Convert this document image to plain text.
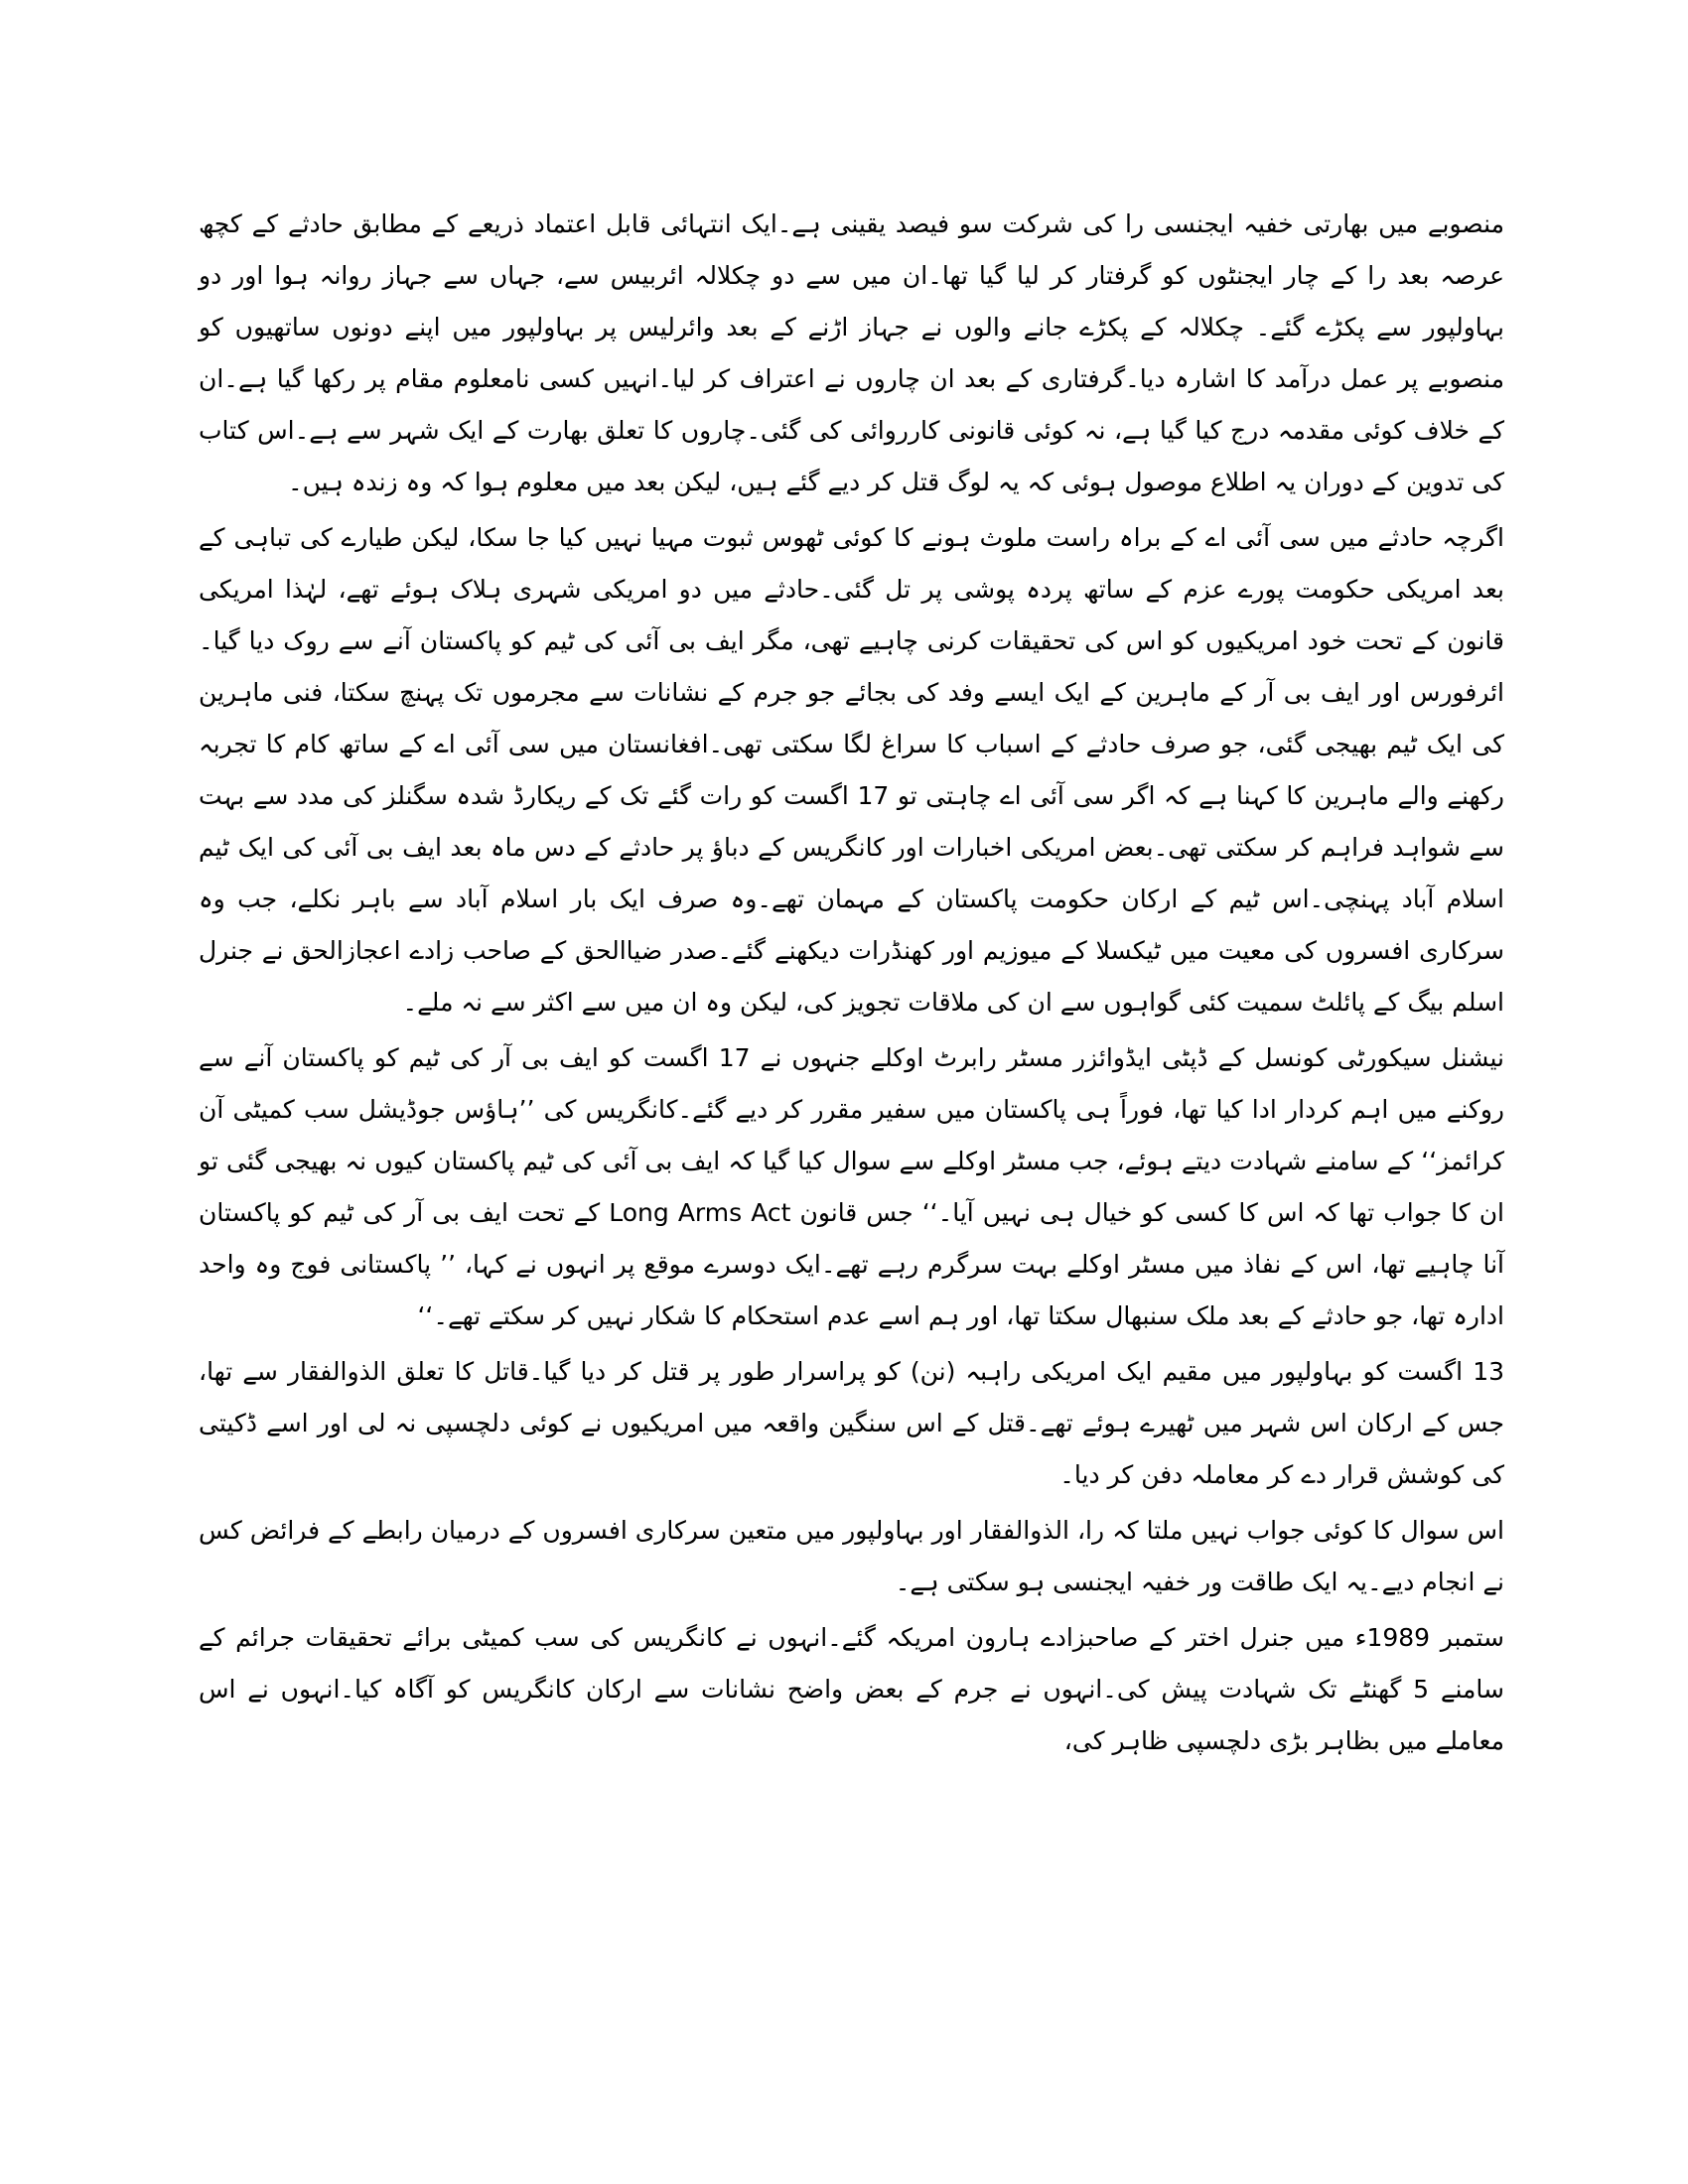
منصوبے میں بھارتی خفیہ ایجنسی را کی شرکت سو فیصد یقینی ہے۔ایک انتہائی قابل اعتماد ذریعے کے مطابق حادثے کے کچھ عرصہ بعد را کے چار ایجنٹوں کو گرفتار کر لیا گیا تھا۔ان میں سے دو چکلالہ ائربیس سے، جہاں سے جہاز روانہ ہوا اور دو بہاولپور سے پکڑے گئے۔ چکلالہ کے پکڑے جانے والوں نے جہاز اڑنے کے بعد وائرلیس پر بہاولپور میں اپنے دونوں ساتھیوں کو منصوبے پر عمل درآمد کا اشارہ دیا۔گرفتاری کے بعد ان چاروں نے اعتراف کر لیا۔انہیں کسی نامعلوم مقام پر رکھا گیا ہے۔ان کے خلاف کوئی مقدمہ درج کیا گیا ہے، نہ کوئی قانونی کارروائی کی گئی۔چاروں کا تعلق بھارت کے ایک شہر سے ہے۔اس کتاب کی تدوین کے دوران یہ اطلاع موصول ہوئی کہ یہ لوگ قتل کر دیے گئے ہیں، لیکن بعد میں معلوم ہوا کہ وہ زندہ ہیں۔

اگرچہ حادثے میں سی آئی اے کے براہ راست ملوث ہونے کا کوئی ٹھوس ثبوت مہیا نہیں کیا جا سکا، لیکن طیارے کی تباہی کے بعد امریکی حکومت پورے عزم کے ساتھ پردہ پوشی پر تل گئی۔حادثے میں دو امریکی شہری ہلاک ہوئے تھے، لہٰذا امریکی قانون کے تحت خود امریکیوں کو اس کی تحقیقات کرنی چاہیے تھی، مگر ایف بی آئی کی ٹیم کو پاکستان آنے سے روک دیا گیا۔ائرفورس اور ایف بی آر کے ماہرین کے ایک ایسے وفد کی بجائے جو جرم کے نشانات سے مجرموں تک پہنچ سکتا، فنی ماہرین کی ایک ٹیم بھیجی گئی، جو صرف حادثے کے اسباب کا سراغ لگا سکتی تھی۔افغانستان میں سی آئی اے کے ساتھ کام کا تجربہ رکھنے والے ماہرین کا کہنا ہے کہ اگر سی آئی اے چاہتی تو 17 اگست کو رات گئے تک کے ریکارڈ شدہ سگنلز کی مدد سے بہت سے شواہد فراہم کر سکتی تھی۔بعض امریکی اخبارات اور کانگریس کے دباؤ پر حادثے کے دس ماہ بعد ایف بی آئی کی ایک ٹیم اسلام آباد پہنچی۔اس ٹیم کے ارکان حکومت پاکستان کے مہمان تھے۔وہ صرف ایک بار اسلام آباد سے باہر نکلے، جب وہ سرکاری افسروں کی معیت میں ٹیکسلا کے میوزیم اور کھنڈرات دیکھنے گئے۔صدر ضیاالحق کے صاحب زادے اعجازالحق نے جنرل اسلم بیگ کے پائلٹ سمیت کئی گواہوں سے ان کی ملاقات تجویز کی، لیکن وہ ان میں سے اکثر سے نہ ملے۔

نیشنل سیکورٹی کونسل کے ڈپٹی ایڈوائزر مسٹر رابرٹ اوکلے جنہوں نے 17 اگست کو ایف بی آر کی ٹیم کو پاکستان آنے سے روکنے میں اہم کردار ادا کیا تھا، فوراً ہی پاکستان میں سفیر مقرر کر دیے گئے۔کانگریس کی ’’ہاؤس جوڈیشل سب کمیٹی آن کرائمز‘‘ کے سامنے شہادت دیتے ہوئے، جب مسٹر اوکلے سے سوال کیا گیا کہ ایف بی آئی کی ٹیم پاکستان کیوں نہ بھیجی گئی تو ان کا جواب تھا کہ اس کا کسی کو خیال ہی نہیں آیا۔‘‘ جس قانون Long Arms Act کے تحت ایف بی آر کی ٹیم کو پاکستان آنا چاہیے تھا، اس کے نفاذ میں مسٹر اوکلے بہت سرگرم رہے تھے۔ایک دوسرے موقع پر انہوں نے کہا، ’’ پاکستانی فوج وہ واحد ادارہ تھا، جو حادثے کے بعد ملک سنبھال سکتا تھا، اور ہم اسے عدم استحکام کا شکار نہیں کر سکتے تھے۔‘‘

13 اگست کو بہاولپور میں مقیم ایک امریکی راہبہ (نن) کو پراسرار طور پر قتل کر دیا گیا۔قاتل کا تعلق الذوالفقار سے تھا، جس کے ارکان اس شہر میں ٹھیرے ہوئے تھے۔قتل کے اس سنگین واقعہ میں امریکیوں نے کوئی دلچسپی نہ لی اور اسے ڈکیتی کی کوشش قرار دے کر معاملہ دفن کر دیا۔

اس سوال کا کوئی جواب نہیں ملتا کہ را، الذوالفقار اور بہاولپور میں متعین سرکاری افسروں کے درمیان رابطے کے فرائض کس نے انجام دیے۔یہ ایک طاقت ور خفیہ ایجنسی ہو سکتی ہے۔

ستمبر 1989ء میں جنرل اختر کے صاحبزادے ہارون امریکہ گئے۔انہوں نے کانگریس کی سب کمیٹی برائے تحقیقات جرائم کے سامنے 5 گھنٹے تک شہادت پیش کی۔انہوں نے جرم کے بعض واضح نشانات سے ارکان کانگریس کو آگاہ کیا۔انہوں نے اس معاملے میں بظاہر بڑی دلچسپی ظاہر کی،
